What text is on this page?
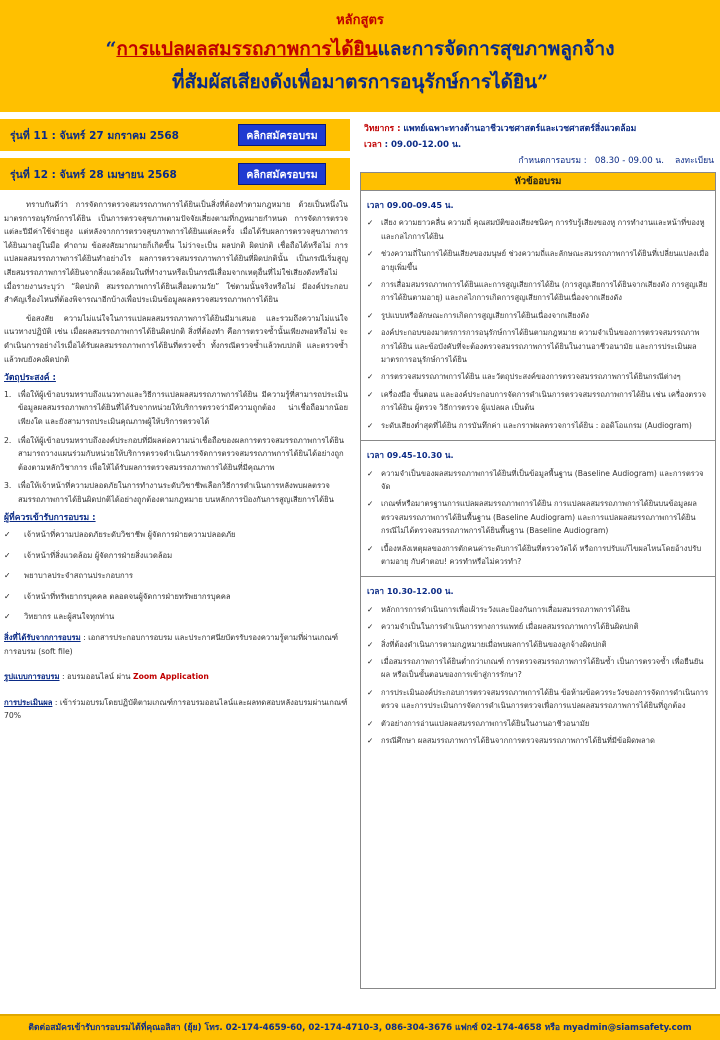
หลักสูตร
“การแปลผลสมรรถภาพการได้ยินและการจัดการสุขภาพลูกจ้าง
ที่สัมผัสเสียงดังเพื่อมาตรการอนุรักษ์การได้ยิน”
รุ่นที่ 11 : จันทร์ 27 มกราคม 2568	คลิกสมัครอบรม
รุ่นที่ 12 : จันทร์ 28 เมษายน 2568	คลิกสมัครอบรม
วิทยากร : แพทย์เฉพาะทางด้านอาชีวเวชศาสตร์และเวชศาสตร์สิ่งแวดล้อม
เวลา : 09.00-12.00 น.
กำหนดการอบรม : 08.30 - 09.00 น. ลงทะเบียน

ทราบกันดีว่า การจัดการตรวจสมรรถภาพการได้ยินเป็นสิ่งที่ต้องทำตามกฎหมาย ด้วยเป็นหนึ่งในมาตรการอนุรักษ์การได้ยิน เป็นการตรวจสุขภาพตามปัจจัยเสี่ยงตามที่กฎหมายกำหนด การจัดการตรวจแต่ละปีมีค่าใช้จ่ายสูง แต่หลังจากการตรวจสุขภาพการได้ยินแต่ละครั้ง เมื่อได้รับผลการตรวจสุขภาพการได้ยินมาอยู่ในมือ คำถาม ข้อสงสัยมากมายก็เกิดขึ้น ไม่ว่าจะเป็น ผลปกติ ผิดปกติ เชื่อถือได้หรือไม่ การแปลผลสมรรถภาพการได้ยินทำอย่างไร ผลการตรวจสมรรถภาพการได้ยินที่ผิดปกตินั้น เป็นกรณีเริ่มสูญเสียสมรรถภาพการได้ยินจากสิ่งแวดล้อมในที่ทำงานหรือเป็นกรณีเสื่อมจากเหตุอื่นที่ไม่ใช่เสียงดังหรือไม่ เมื่อรายงานระบุว่า “ผิดปกติ สมรรถภาพการได้ยินเสื่อมตามวัย” ใช่ตามนั้นจริงหรือไม่ มีองค์ประกอบสำคัญเรื่องไหนที่ต้องพิจารณาอีกบ้างเพื่อประเมินข้อมูลผลตรวจสมรรถภาพการได้ยิน

ข้อสงสัย ความไม่แน่ใจในการแปลผลสมรรถภาพการได้ยินมีมาเสมอ และรวมถึงความไม่แน่ใจแนวทางปฏิบัติ เช่น เมื่อผลสมรรถภาพการได้ยินผิดปกติ สิ่งที่ต้องทำ คือการตรวจซ้ำนั้นเพียงพอหรือไม่ จะดำเนินการอย่างไรเมื่อได้รับผลสมรรถภาพการได้ยินที่ตรวจซ้ำ ทั้งกรณีตรวจซ้ำแล้วพบปกติ และตรวจซ้ำแล้วพบยังคงผิดปกติ

วัตถุประสงค์ :
1. เพื่อให้ผู้เข้าอบรมทราบถึงแนวทางและวิธีการแปลผลสมรรถภาพการได้ยิน มีความรู้ที่สามารถประเมินข้อมูลผลสมรรถภาพการได้ยินที่ได้รับจากหน่วยให้บริการตรวจว่ามีความถูกต้อง น่าเชื่อถือมากน้อยเพียงใด และยังสามารถประเมินคุณภาพผู้ให้บริการตรวจได้
2. เพื่อให้ผู้เข้าอบรมทราบถึงองค์ประกอบที่มีผลต่อความน่าเชื่อถือของผลการตรวจสมรรถภาพการได้ยิน สามารถวางแผนร่วมกับหน่วยให้บริการตรวจดำเนินการจัดการตรวจสมรรถภาพการได้ยินได้อย่างถูกต้องตามหลักวิชาการ เพื่อให้ได้รับผลการตรวจสมรรถภาพการได้ยินที่มีคุณภาพ
3. เพื่อให้เจ้าหน้าที่ความปลอดภัยในการทำงานระดับวิชาชีพเลือกวิธีการดำเนินการหลังพบผลตรวจสมรรถภาพการได้ยินผิดปกติได้อย่างถูกต้องตามกฎหมาย บนหลักการป้องกันการสูญเสียการได้ยิน
ผู้ที่ควรเข้ารับการอบรม :
✓	เจ้าหน้าที่ความปลอดภัยระดับวิชาชีพ ผู้จัดการฝ่ายความปลอดภัย
✓	เจ้าหน้าที่สิ่งแวดล้อม ผู้จัดการฝ่ายสิ่งแวดล้อม
✓	พยาบาลประจำสถานประกอบการ
✓	เจ้าหน้าที่ทรัพยากรบุคคล ตลอดจนผู้จัดการฝ่ายทรัพยากรบุคคล
✓	วิทยากร และผู้สนใจทุกท่าน
สิ่งที่ได้รับจากการอบรม : เอกสารประกอบการอบรม และประกาศนียบัตรรับรองความรู้ตามที่ผ่านเกณฑ์การอบรม (soft file)
รูปแบบการอบรม : อบรมออนไลน์ ผ่าน Zoom Application
การประเมินผล : เข้าร่วมอบรมโดยปฏิบัติตามเกณฑ์การอบรมออนไลน์และผลทดสอบหลังอบรมผ่านเกณฑ์ 70%
หัวข้ออบรม
เวลา 09.00-09.45 น.
✓	เสียง ความยาวคลื่น ความถี่ คุณสมบัติของเสียงชนิดๆ การรับรู้เสียงของหู การทำงานและหน้าที่ของหู และกลไกการได้ยิน
✓	ช่วงความถี่ในการได้ยินเสียงของมนุษย์ ช่วงความถี่และลักษณะสมรรถภาพการได้ยินที่เปลี่ยนแปลงเมื่ออายุเพิ่มขึ้น
✓	การเสื่อมสมรรถภาพการได้ยินและการสูญเสียการได้ยิน (การสูญเสียการได้ยินจากเสียงดัง การสูญเสียการได้ยินตามอายุ) และกลไกการเกิดการสูญเสียการได้ยินเนื่องจากเสียงดัง
✓	รูปแบบหรือลักษณะการเกิดการสูญเสียการได้ยินเนื่องจากเสียงดัง
✓	องค์ประกอบของมาตรการการอนุรักษ์การได้ยินตามกฎหมาย ความจำเป็นของการตรวจสมรรถภาพการได้ยิน และข้อบังคับที่จะต้องตรวจสมรรถภาพการได้ยินในงานอาชีวอนามัย และการประเมินผลมาตรการอนุรักษ์การได้ยิน
✓	การตรวจสมรรถภาพการได้ยิน และวัตถุประสงค์ของการตรวจสมรรถภาพการได้ยินกรณีต่างๆ
✓	เครื่องมือ ขั้นตอน และองค์ประกอบการจัดการดำเนินการตรวจสมรรถภาพการได้ยิน เช่น เครื่องตรวจการได้ยิน ผู้ตรวจ วิธีการตรวจ ผู้แปลผล เป็นต้น
✓	ระดับเสียงต่ำสุดที่ได้ยิน การบันทึกค่า และกราฟผลตรวจการได้ยิน : ออดิโอแกรม (Audiogram)
เวลา 09.45-10.30 น.
✓	ความจำเป็นของผลสมรรถภาพการได้ยินที่เป็นข้อมูลพื้นฐาน (Baseline Audiogram) และการตรวจจัด
✓	เกณฑ์หรือมาตรฐานการแปลผลสมรรถภาพการได้ยิน การแปลผลสมรรถภาพการได้ยินบนข้อมูลผลตรวจสมรรถภาพการได้ยินพื้นฐาน (Baseline Audiogram) และการแปลผลสมรรถภาพการได้ยินกรณีไม่ได้ตรวจสมรรถภาพการได้ยินพื้นฐาน (Baseline Audiogram)
✓	เบื้องหลังเหตุผลของการตักคนค่าระดับการได้ยินที่ตรวจวัดได้ หรือการปรับแก้ไขผลไหนโดยอ้างปรับตามอายุ กับคำตอบ! ควรทำหรือไม่ควรทำ?
เวลา 10.30-12.00 น.
✓	หลักการการดำเนินการเพื่อเฝ้าระวังและป้องกันการเสื่อมสมรรถภาพการได้ยิน
✓	ความจำเป็นในการดำเนินการทางการแพทย์ เมื่อผลสมรรถภาพการได้ยินผิดปกติ
✓	สิ่งที่ต้องดำเนินการตามกฎหมายเมื่อพบผลการได้ยินของลูกจ้างผิดปกติ
✓	เมื่อสมรรถภาพการได้ยินต่ำกว่าเกณฑ์ การตรวจสมรรถภาพการได้ยินซ้ำ เป็นการตรวจซ้ำ เพื่อยืนยันผล หรือเป็นขั้นตอนของการเข้าสู่การรักษา?
✓	การประเมินองค์ประกอบการตรวจสมรรถภาพการได้ยิน ข้อห้ามข้อควรระวังของการจัดการดำเนินการตรวจ และการประเมินการจัดการดำเนินการตรวจเพื่อการแปลผลสมรรถภาพการได้ยินที่ถูกต้อง
✓	ตัวอย่างการอ่านแปลผลสมรรถภาพการได้ยินในงานอาชีวอนามัย
✓	กรณีศึกษา ผลสมรรถภาพการได้ยินจากการตรวจสมรรถภาพการได้ยินที่มีข้อผิดพลาด
ติดต่อสมัครเข้ารับการอบรมได้ที่คุณอลิสา (ยุ้ย) โทร. 02-174-4659-60, 02-174-4710-3, 086-304-3676 แฟกซ์ 02-174-4658 หรือ myadmin@siamsafety.com
